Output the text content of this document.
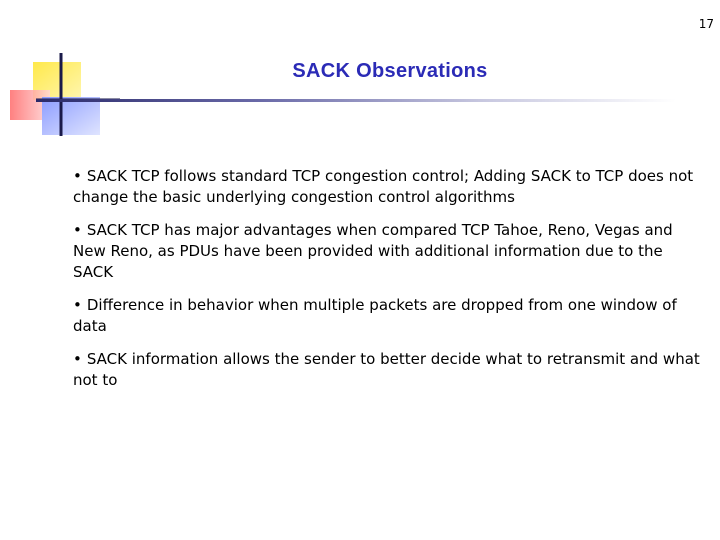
17
SACK Observations
• SACK TCP follows standard TCP congestion control; Adding SACK to TCP does not change the basic underlying congestion control algorithms
• SACK TCP has major advantages when compared TCP Tahoe, Reno, Vegas and New Reno, as PDUs have been provided with additional information due to the SACK
• Difference in behavior when multiple packets are dropped from one window of data
• SACK information allows the sender to better decide what to retransmit and what not to
